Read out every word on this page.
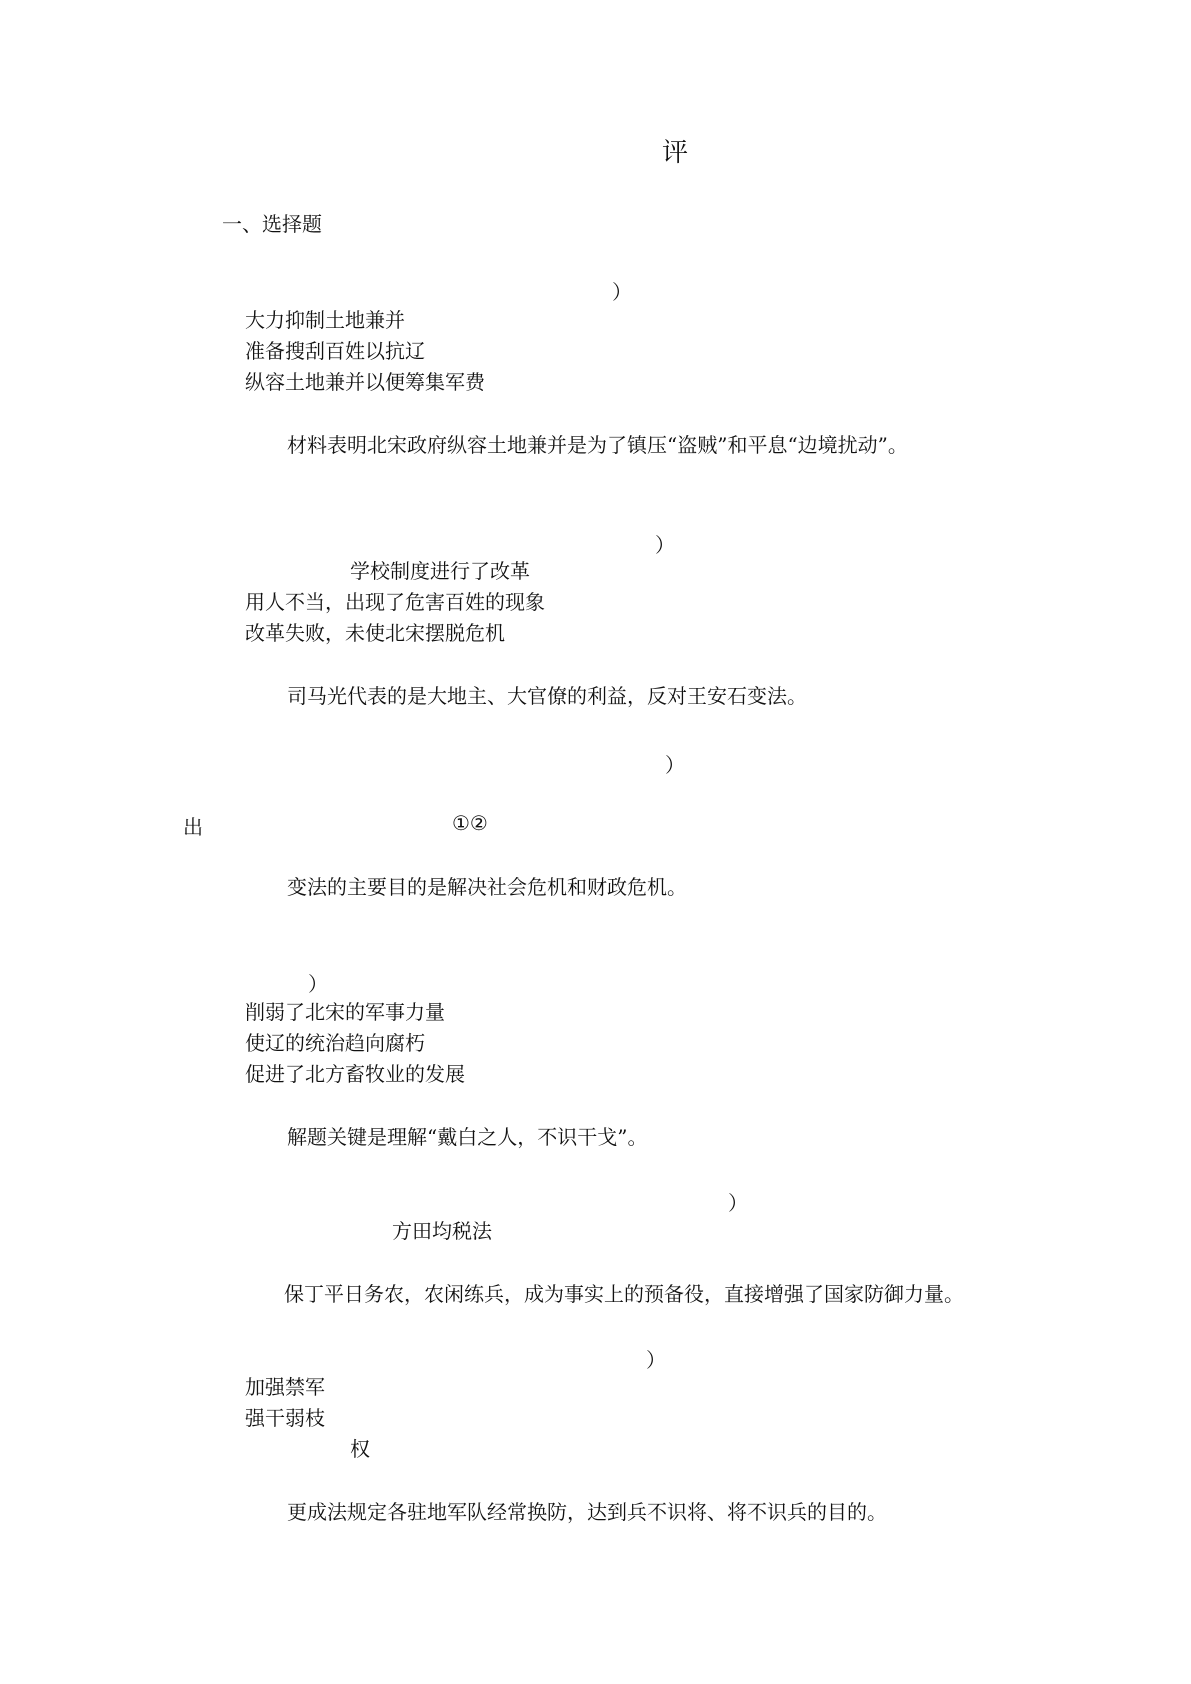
评
一、选择题
）
大力抑制土地兼并
准备搜刮百姓以抗辽
纵容土地兼并以便筹集军费
材料表明北宋政府纵容土地兼并是为了镇压“盗贼”和平息“边境扰动”。
）
学校制度进行了改革
用人不当，出现了危害百姓的现象
改革失败，未使北宋摆脱危机
司马光代表的是大地主、大官僚的利益，反对王安石变法。
）
出	①②
变法的主要目的是解决社会危机和财政危机。
）
削弱了北宋的军事力量
使辽的统治趋向腐朽
促进了北方畜牧业的发展
解题关键是理解“戴白之人，不识干戈”。
）
方田均税法
保丁平日务农，农闲练兵，成为事实上的预备役，直接增强了国家防御力量。
）
加强禁军
强干弱枝
权
更成法规定各驻地军队经常换防，达到兵不识将、将不识兵的目的。
